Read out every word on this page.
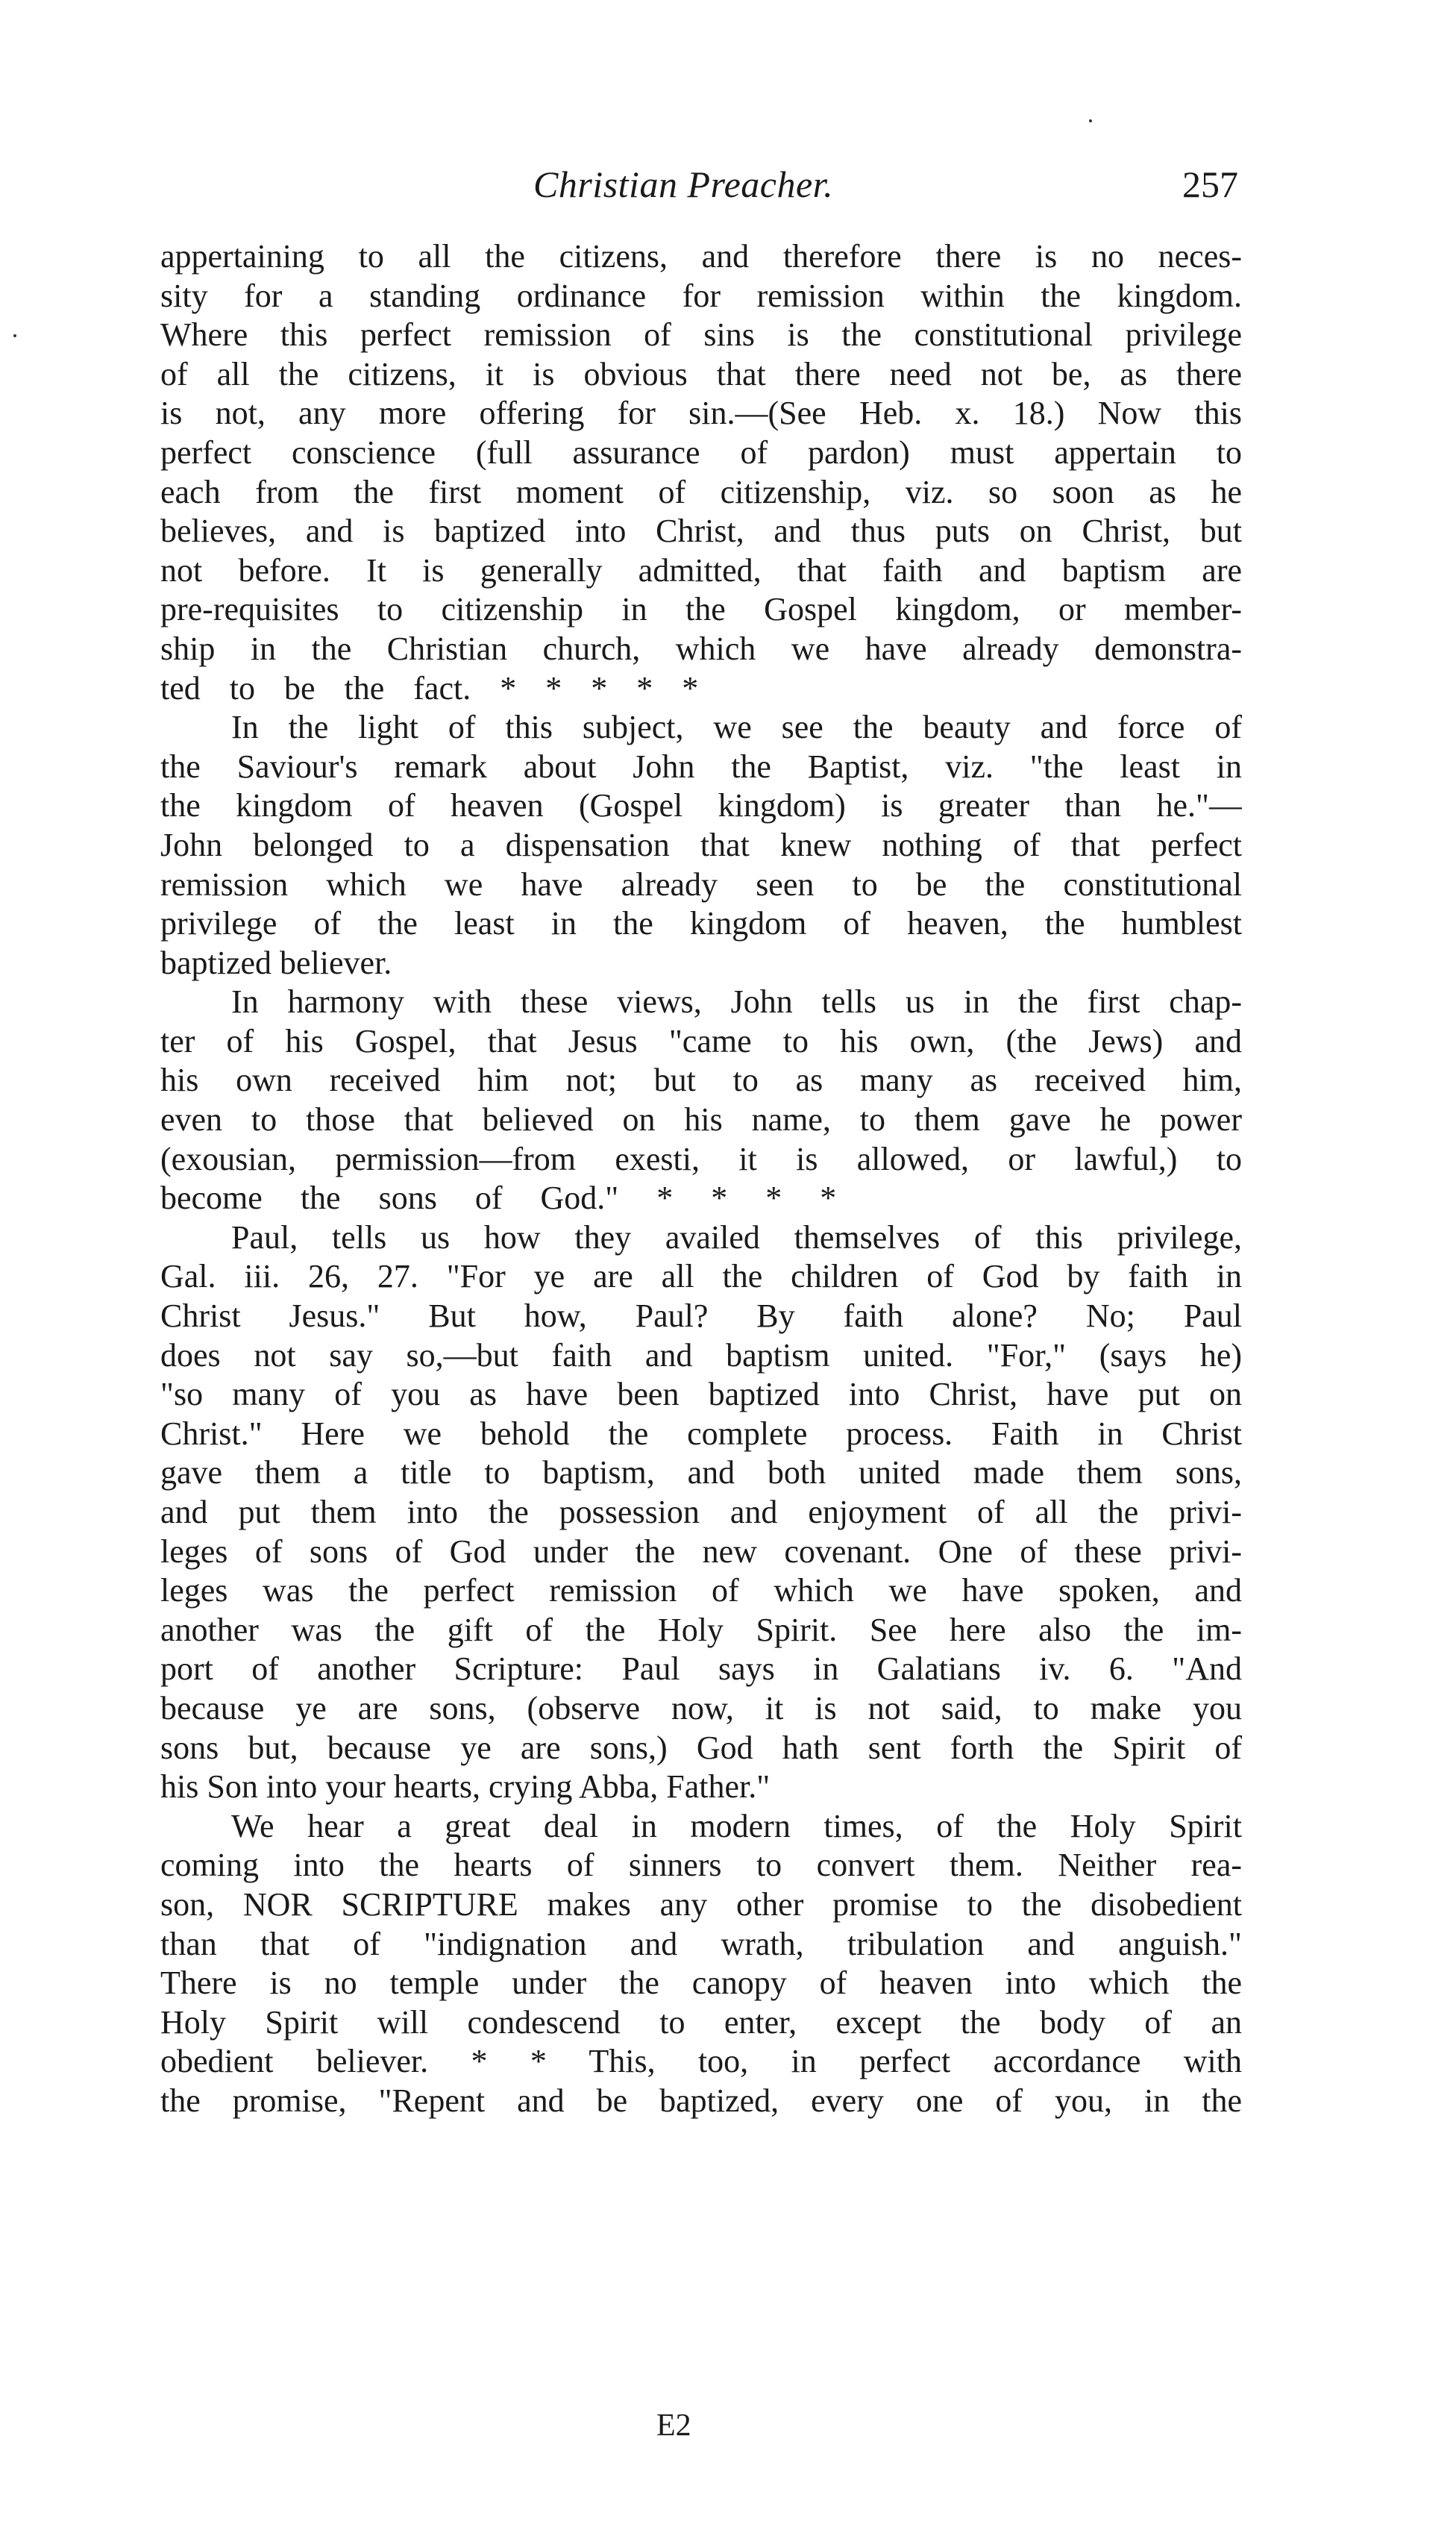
Christian Preacher.	257
appertaining to all the citizens, and therefore there is no neces-
sity for a standing ordinance for remission within the kingdom.
Where this perfect remission of sins is the constitutional privilege
of all the citizens, it is obvious that there need not be, as there
is not, any more offering for sin.—(See Heb. x. 18.) Now this
perfect conscience (full assurance of pardon) must appertain to
each from the first moment of citizenship, viz. so soon as he
believes, and is baptized into Christ, and thus puts on Christ, but
not before. It is generally admitted, that faith and baptism are
pre-requisites to citizenship in the Gospel kingdom, or member-
ship in the Christian church, which we have already demonstra-
ted to be the fact. * * * * *
In the light of this subject, we see the beauty and force of
the Saviour's remark about John the Baptist, viz. "the least in
the kingdom of heaven (Gospel kingdom) is greater than he."—
John belonged to a dispensation that knew nothing of that perfect
remission which we have already seen to be the constitutional
privilege of the least in the kingdom of heaven, the humblest
baptized believer.
In harmony with these views, John tells us in the first chap-
ter of his Gospel, that Jesus "came to his own, (the Jews) and
his own received him not; but to as many as received him,
even to those that believed on his name, to them gave he power
(exousian, permission—from exesti, it is allowed, or lawful,) to
become the sons of God." * * * *
Paul, tells us how they availed themselves of this privilege,
Gal. iii. 26, 27. "For ye are all the children of God by faith in
Christ Jesus." But how, Paul? By faith alone? No; Paul
does not say so,—but faith and baptism united. "For," (says he)
"so many of you as have been baptized into Christ, have put on
Christ." Here we behold the complete process. Faith in Christ
gave them a title to baptism, and both united made them sons,
and put them into the possession and enjoyment of all the privi-
leges of sons of God under the new covenant. One of these privi-
leges was the perfect remission of which we have spoken, and
another was the gift of the Holy Spirit. See here also the im-
port of another Scripture: Paul says in Galatians iv. 6. "And
because ye are sons, (observe now, it is not said, to make you
sons but, because ye are sons,) God hath sent forth the Spirit of
his Son into your hearts, crying Abba, Father."
We hear a great deal in modern times, of the Holy Spirit
coming into the hearts of sinners to convert them. Neither rea-
son, NOR SCRIPTURE makes any other promise to the disobedient
than that of "indignation and wrath, tribulation and anguish."
There is no temple under the canopy of heaven into which the
Holy Spirit will condescend to enter, except the body of an
obedient believer. * * This, too, in perfect accordance with
the promise, "Repent and be baptized, every one of you, in the
E2
